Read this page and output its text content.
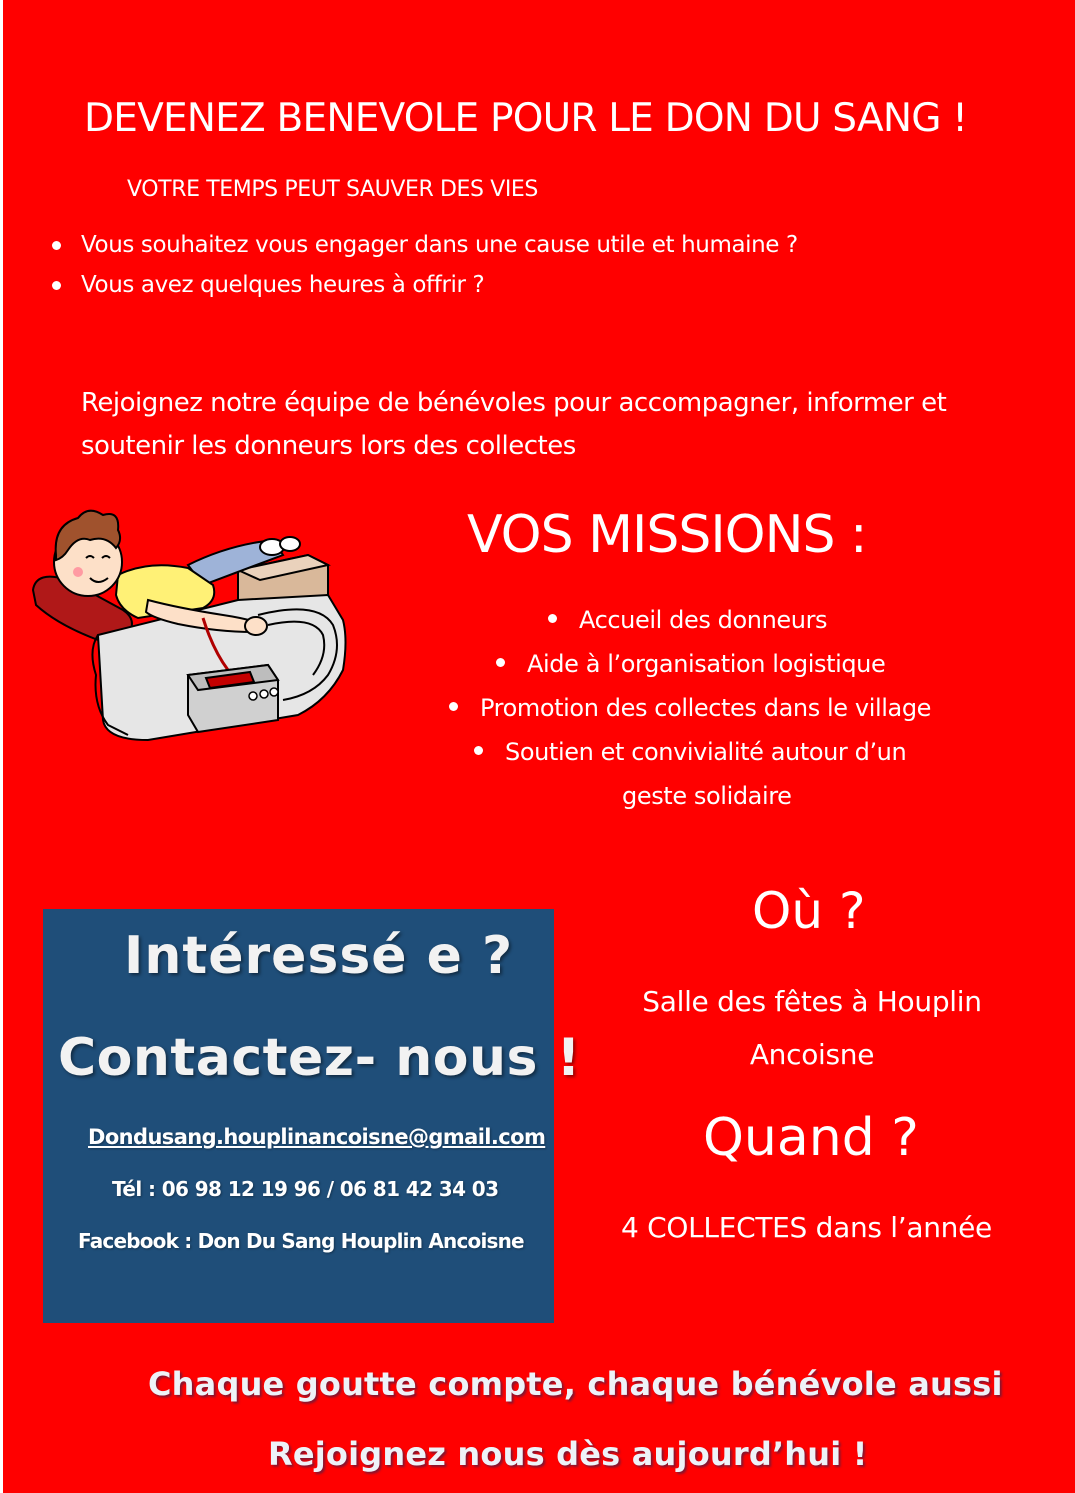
DEVENEZ BENEVOLE POUR LE DON DU SANG !
VOTRE TEMPS PEUT SAUVER DES VIES
Vous souhaitez vous engager dans une cause utile et humaine ?
Vous avez quelques heures à offrir ?
Rejoignez notre équipe de bénévoles pour accompagner, informer et soutenir les donneurs lors des collectes
VOS MISSIONS :
Accueil des donneurs
Aide à l’organisation logistique
Promotion des collectes dans le village
Soutien et convivialité autour d’un
geste solidaire
Intéressé e ?
Contactez- nous !
Dondusang.houplinancoisne@gmail.com
Tél : 06 98 12 19 96 / 06 81 42 34 03
Facebook : Don Du Sang Houplin Ancoisne
Où ?
Salle des fêtes à Houplin
Ancoisne
Quand ?
4 COLLECTES dans l’année
Chaque goutte compte, chaque bénévole aussi
Rejoignez nous dès aujourd’hui !
